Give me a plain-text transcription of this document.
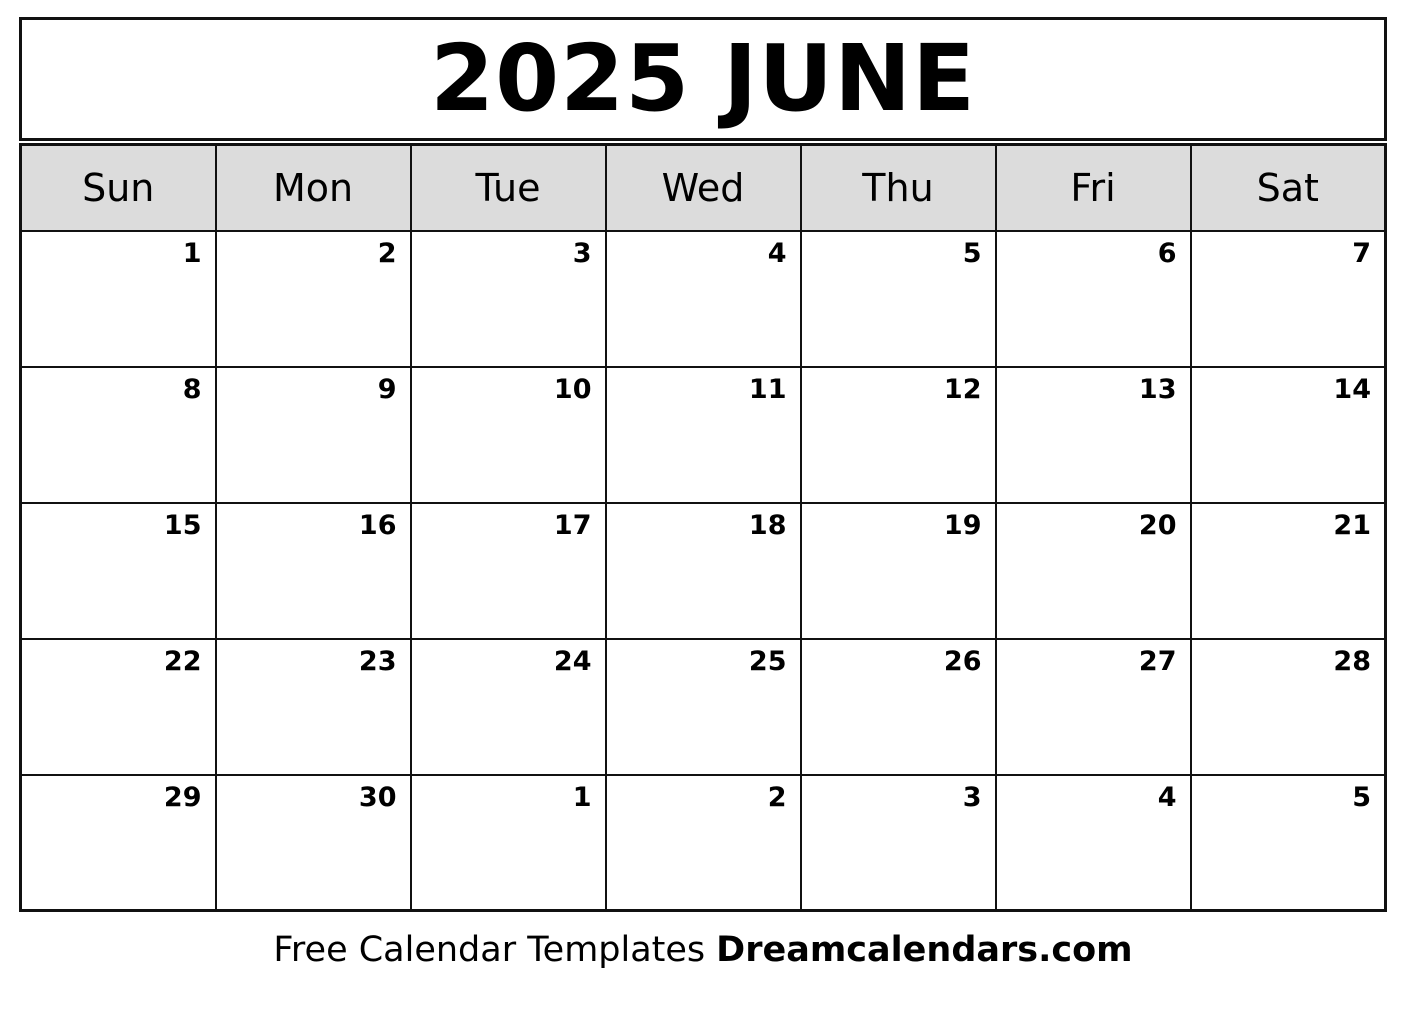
2025 JUNE
Sun	Mon	Tue	Wed	Thu	Fri	Sat
1	2	3	4	5	6	7
8	9	10	11	12	13	14
15	16	17	18	19	20	21
22	23	24	25	26	27	28
29	30	1	2	3	4	5
Free Calendar Templates Dreamcalendars.com
